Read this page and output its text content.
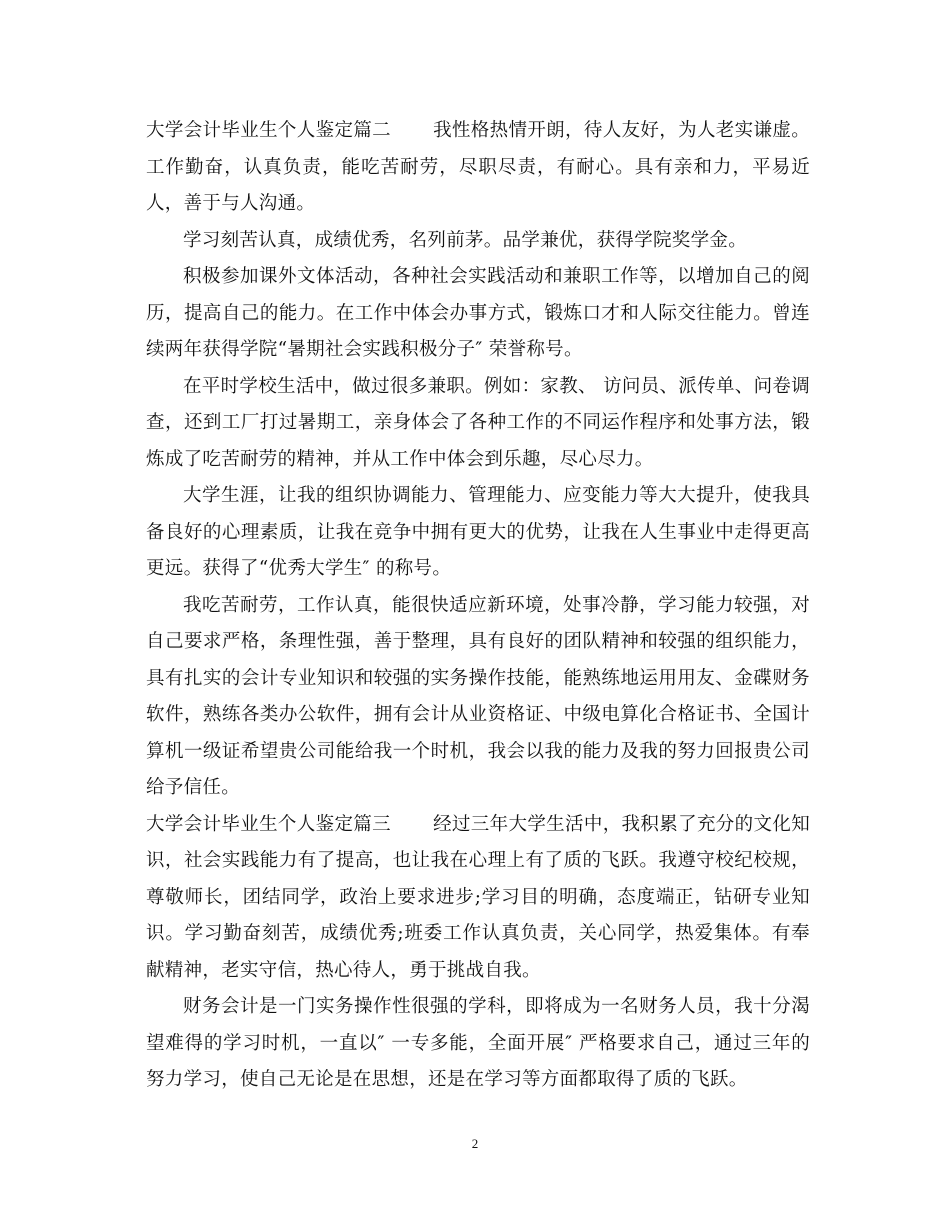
大学会计毕业生个人鉴定篇二 我性格热情开朗，待人友好，为人老实谦虚。工作勤奋，认真负责，能吃苦耐劳，尽职尽责，有耐心。具有亲和力，平易近人，善于与人沟通。

学习刻苦认真，成绩优秀，名列前茅。品学兼优，获得学院奖学金。

积极参加课外文体活动，各种社会实践活动和兼职工作等，以增加自己的阅历，提高自己的能力。在工作中体会办事方式，锻炼口才和人际交往能力。曾连续两年获得学院“暑期社会实践积极分子″ 荣誉称号。

在平时学校生活中，做过很多兼职。例如：家教、 访问员、派传单、问卷调查，还到工厂打过暑期工，亲身体会了各种工作的不同运作程序和处事方法，锻炼成了吃苦耐劳的精神，并从工作中体会到乐趣，尽心尽力。

大学生涯，让我的组织协调能力、管理能力、应变能力等大大提升，使我具备良好的心理素质，让我在竞争中拥有更大的优势，让我在人生事业中走得更高更远。获得了“优秀大学生″ 的称号。

我吃苦耐劳，工作认真，能很快适应新环境，处事冷静，学习能力较强，对自己要求严格，条理性强，善于整理，具有良好的团队精神和较强的组织能力，具有扎实的会计专业知识和较强的实务操作技能，能熟练地运用用友、金碟财务软件，熟练各类办公软件，拥有会计从业资格证、中级电算化合格证书、全国计算机一级证希望贵公司能给我一个时机，我会以我的能力及我的努力回报贵公司给予信任。

大学会计毕业生个人鉴定篇三 经过三年大学生活中，我积累了充分的文化知识，社会实践能力有了提高，也让我在心理上有了质的飞跃。我遵守校纪校规，尊敬师长，团结同学，政治上要求进步;学习目的明确，态度端正，钻研专业知识。学习勤奋刻苦，成绩优秀;班委工作认真负责，关心同学，热爱集体。有奉献精神，老实守信，热心待人，勇于挑战自我。

财务会计是一门实务操作性很强的学科，即将成为一名财务人员，我十分渴望难得的学习时机，一直以″ 一专多能，全面开展″ 严格要求自己，通过三年的努力学习，使自己无论是在思想，还是在学习等方面都取得了质的飞跃。

2
